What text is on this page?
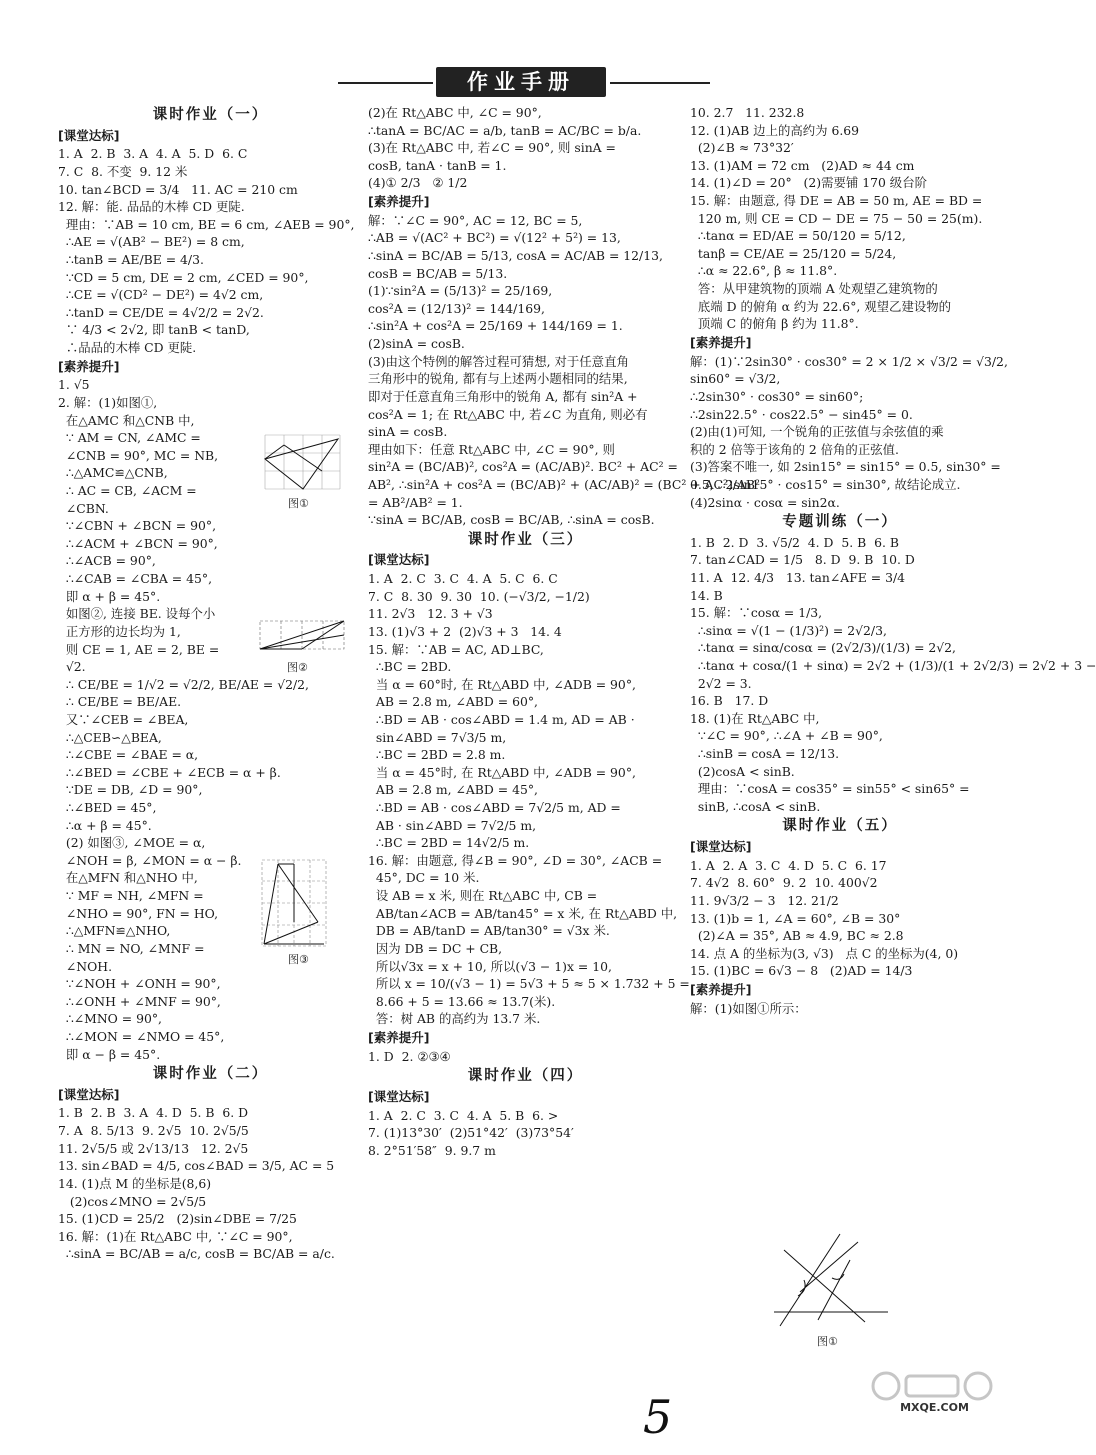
作业手册
课时作业（一）
[课堂达标]
1. A  2. B  3. A  4. A  5. D  6. C
7. C  8. 不变  9. 12 米
10. tan∠BCD = 3/4   11. AC = 210 cm
12. 解：能. 品品的木棒 CD 更陡.
理由：∵AB = 10 cm, BE = 6 cm, ∠AEB = 90°,
∴AE = √(AB² − BE²) = 8 cm,
∴tanB = AE/BE = 4/3.
∵CD = 5 cm, DE = 2 cm, ∠CED = 90°,
∴CE = √(CD² − DE²) = 4√2 cm,
∴tanD = CE/DE = 4√2/2 = 2√2.
∵ 4/3 < 2√2, 即 tanB < tanD,
∴品品的木棒 CD 更陡.
[素养提升]
1. √5
2. 解：(1)如图①,
在△AMC 和△CNB 中,
∵ AM = CN, ∠AMC =
∠CNB = 90°, MC = NB,
∴△AMC≌△CNB,
∴ AC = CB, ∠ACM =
∠CBN.
∵∠CBN + ∠BCN = 90°,
∴∠ACM + ∠BCN = 90°,
∴∠ACB = 90°,
∴∠CAB = ∠CBA = 45°,
即 α + β = 45°.
如图②, 连接 BE. 设每个小
正方形的边长均为 1,
则 CE = 1, AE = 2, BE =
√2.
∴ CE/BE = 1/√2 = √2/2, BE/AE = √2/2,
∴ CE/BE = BE/AE.
又∵∠CEB = ∠BEA,
∴△CEB∽△BEA,
∴∠CBE = ∠BAE = α,
∴∠BED = ∠CBE + ∠ECB = α + β.
∵DE = DB, ∠D = 90°,
∴∠BED = 45°,
∴α + β = 45°.
(2) 如图③, ∠MOE = α,
∠NOH = β, ∠MON = α − β.
在△MFN 和△NHO 中,
∵ MF = NH, ∠MFN =
∠NHO = 90°, FN = HO,
∴△MFN≌△NHO,
∴ MN = NO, ∠MNF =
∠NOH.
∵∠NOH + ∠ONH = 90°,
∴∠ONH + ∠MNF = 90°,
∴∠MNO = 90°,
∴∠MON = ∠NMO = 45°,
即 α − β = 45°.
课时作业（二）
[课堂达标]
1. B  2. B  3. A  4. D  5. B  6. D
7. A  8. 5/13  9. 2√5  10. 2√5/5
11. 2√5/5 或 2√13/13   12. 2√5
13. sin∠BAD = 4/5, cos∠BAD = 3/5, AC = 5
14. (1)点 M 的坐标是(8,6)
(2)cos∠MNO = 2√5/5
15. (1)CD = 25/2   (2)sin∠DBE = 7/25
16. 解：(1)在 Rt△ABC 中, ∵∠C = 90°,
∴sinA = BC/AB = a/c, cosB = BC/AB = a/c.
(2)在 Rt△ABC 中, ∠C = 90°,
∴tanA = BC/AC = a/b, tanB = AC/BC = b/a.
(3)在 Rt△ABC 中, 若∠C = 90°, 则 sinA =
cosB, tanA · tanB = 1.
(4)① 2/3   ② 1/2
[素养提升]
解：∵∠C = 90°, AC = 12, BC = 5,
∴AB = √(AC² + BC²) = √(12² + 5²) = 13,
∴sinA = BC/AB = 5/13, cosA = AC/AB = 12/13,
cosB = BC/AB = 5/13.
(1)∵sin²A = (5/13)² = 25/169,
cos²A = (12/13)² = 144/169,
∴sin²A + cos²A = 25/169 + 144/169 = 1.
(2)sinA = cosB.
(3)由这个特例的解答过程可猜想, 对于任意直角
三角形中的锐角, 都有与上述两小题相同的结果,
即对于任意直角三角形中的锐角 A, 都有 sin²A +
cos²A = 1; 在 Rt△ABC 中, 若∠C 为直角, 则必有
sinA = cosB.
理由如下：任意 Rt△ABC 中, ∠C = 90°, 则
sin²A = (BC/AB)², cos²A = (AC/AB)². BC² + AC² =
AB², ∴sin²A + cos²A = (BC/AB)² + (AC/AB)² = (BC² + AC²)/AB²
= AB²/AB² = 1.
∵sinA = BC/AB, cosB = BC/AB, ∴sinA = cosB.
课时作业（三）
[课堂达标]
1. A  2. C  3. C  4. A  5. C  6. C
7. C  8. 30  9. 30  10. (−√3/2, −1/2)
11. 2√3   12. 3 + √3
13. (1)√3 + 2  (2)√3 + 3   14. 4
15. 解：∵AB = AC, AD⊥BC,
∴BC = 2BD.
当 α = 60°时, 在 Rt△ABD 中, ∠ADB = 90°,
AB = 2.8 m, ∠ABD = 60°,
∴BD = AB · cos∠ABD = 1.4 m, AD = AB ·
sin∠ABD = 7√3/5 m,
∴BC = 2BD = 2.8 m.
当 α = 45°时, 在 Rt△ABD 中, ∠ADB = 90°,
AB = 2.8 m, ∠ABD = 45°,
∴BD = AB · cos∠ABD = 7√2/5 m, AD =
AB · sin∠ABD = 7√2/5 m,
∴BC = 2BD = 14√2/5 m.
16. 解：由题意, 得∠B = 90°, ∠D = 30°, ∠ACB =
45°, DC = 10 米.
设 AB = x 米, 则在 Rt△ABC 中, CB =
AB/tan∠ACB = AB/tan45° = x 米, 在 Rt△ABD 中,
DB = AB/tanD = AB/tan30° = √3x 米.
因为 DB = DC + CB,
所以√3x = x + 10, 所以(√3 − 1)x = 10,
所以 x = 10/(√3 − 1) = 5√3 + 5 ≈ 5 × 1.732 + 5 =
8.66 + 5 = 13.66 ≈ 13.7(米).
答：树 AB 的高约为 13.7 米.
[素养提升]
1. D  2. ②③④
课时作业（四）
[课堂达标]
1. A  2. C  3. C  4. A  5. B  6. >
7. (1)13°30′  (2)51°42′  (3)73°54′
8. 2°51′58″  9. 9.7 m
10. 2.7   11. 232.8
12. (1)AB 边上的高约为 6.69
(2)∠B ≈ 73°32′
13. (1)AM = 72 cm   (2)AD ≈ 44 cm
14. (1)∠D = 20°   (2)需要铺 170 级台阶
15. 解：由题意, 得 DE = AB = 50 m, AE = BD =
120 m, 则 CE = CD − DE = 75 − 50 = 25(m).
∴tanα = ED/AE = 50/120 = 5/12,
tanβ = CE/AE = 25/120 = 5/24,
∴α ≈ 22.6°, β ≈ 11.8°.
答：从甲建筑物的顶端 A 处观望乙建筑物的
底端 D 的俯角 α 约为 22.6°, 观望乙建设物的
顶端 C 的俯角 β 约为 11.8°.
[素养提升]
解：(1)∵2sin30° · cos30° = 2 × 1/2 × √3/2 = √3/2,
sin60° = √3/2,
∴2sin30° · cos30° = sin60°;
∴2sin22.5° · cos22.5° − sin45° = 0.
(2)由(1)可知, 一个锐角的正弦值与余弦值的乘
积的 2 倍等于该角的 2 倍角的正弦值.
(3)答案不唯一, 如 2sin15° = sin15° = 0.5, sin30° =
0.5, ∴2sin15° · cos15° = sin30°, 故结论成立.
(4)2sinα · cosα = sin2α.
专题训练（一）
1. B  2. D  3. √5/2  4. D  5. B  6. B
7. tan∠CAD = 1/5   8. D  9. B  10. D
11. A  12. 4/3   13. tan∠AFE = 3/4
14. B
15. 解：∵cosα = 1/3,
∴sinα = √(1 − (1/3)²) = 2√2/3,
∴tanα = sinα/cosα = (2√2/3)/(1/3) = 2√2,
∴tanα + cosα/(1 + sinα) = 2√2 + (1/3)/(1 + 2√2/3) = 2√2 + 3 −
2√2 = 3.
16. B   17. D
18. (1)在 Rt△ABC 中,
∵∠C = 90°, ∴∠A + ∠B = 90°,
∴sinB = cosA = 12/13.
(2)cosA < sinB.
理由：∵cosA = cos35° = sin55° < sin65° =
sinB, ∴cosA < sinB.
课时作业（五）
[课堂达标]
1. A  2. A  3. C  4. D  5. C  6. 17
7. 4√2  8. 60°  9. 2  10. 400√2
11. 9√3/2 − 3   12. 21/2
13. (1)b = 1, ∠A = 60°, ∠B = 30°
(2)∠A = 35°, AB ≈ 4.9, BC ≈ 2.8
14. 点 A 的坐标为(3, √3)   点 C 的坐标为(4, 0)
15. (1)BC = 6√3 − 8   (2)AD = 14/3
[素养提升]
解：(1)如图①所示：
图①
图②
图③
图①
5	MXQE.COM
